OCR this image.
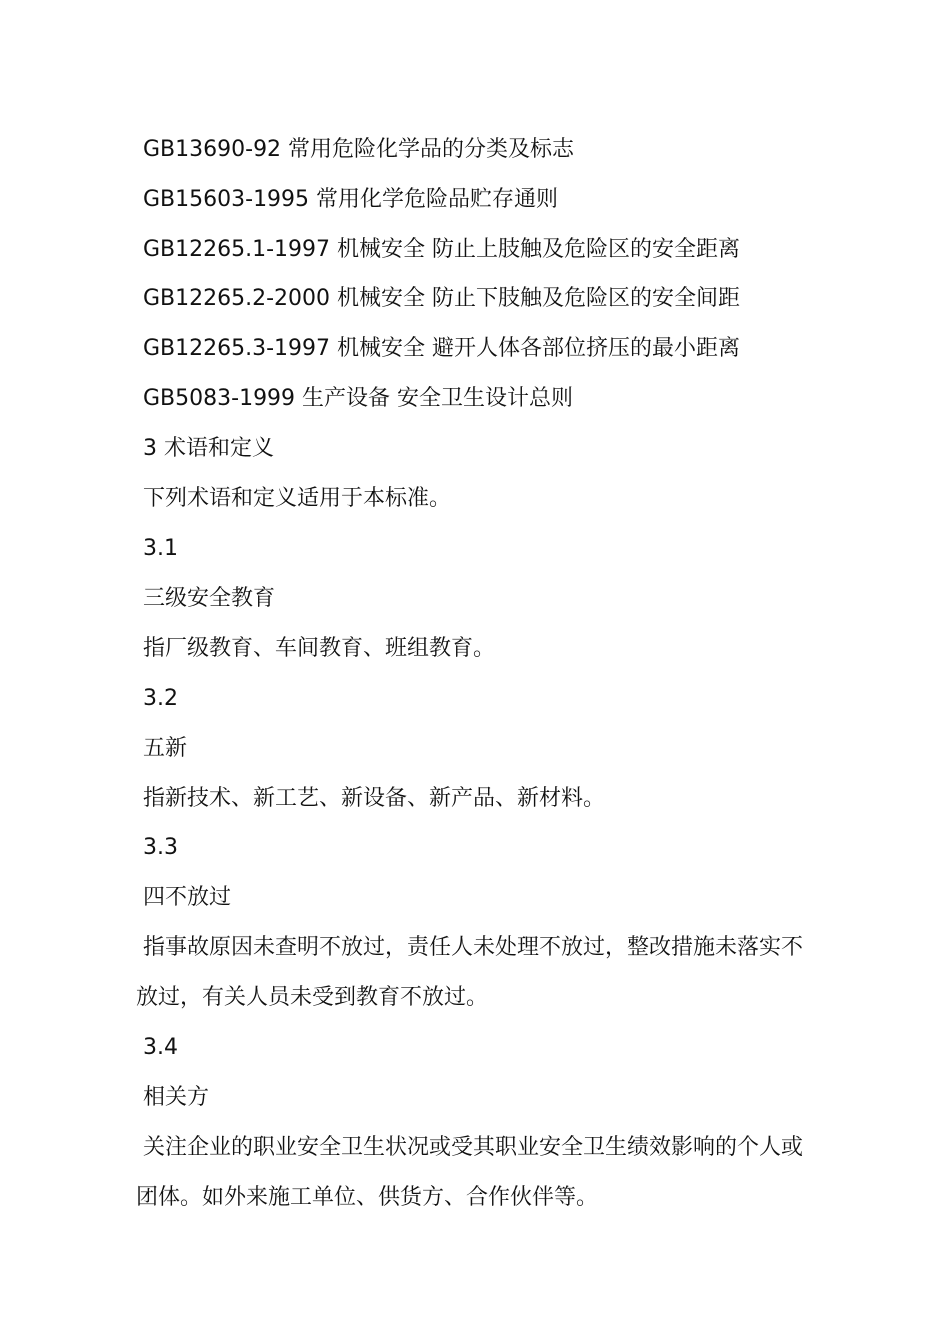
GB13690-92 常用危险化学品的分类及标志
GB15603-1995 常用化学危险品贮存通则
GB12265.1-1997 机械安全 防止上肢触及危险区的安全距离
GB12265.2-2000 机械安全 防止下肢触及危险区的安全间距
GB12265.3-1997 机械安全 避开人体各部位挤压的最小距离
GB5083-1999 生产设备 安全卫生设计总则
3 术语和定义
下列术语和定义适用于本标准。
3.1
三级安全教育
指厂级教育、车间教育、班组教育。
3.2
五新
指新技术、新工艺、新设备、新产品、新材料。
3.3
四不放过
指事故原因未查明不放过，责任人未处理不放过，整改措施未落实不
放过，有关人员未受到教育不放过。
3.4
相关方
关注企业的职业安全卫生状况或受其职业安全卫生绩效影响的个人或
团体。如外来施工单位、供货方、合作伙伴等。
